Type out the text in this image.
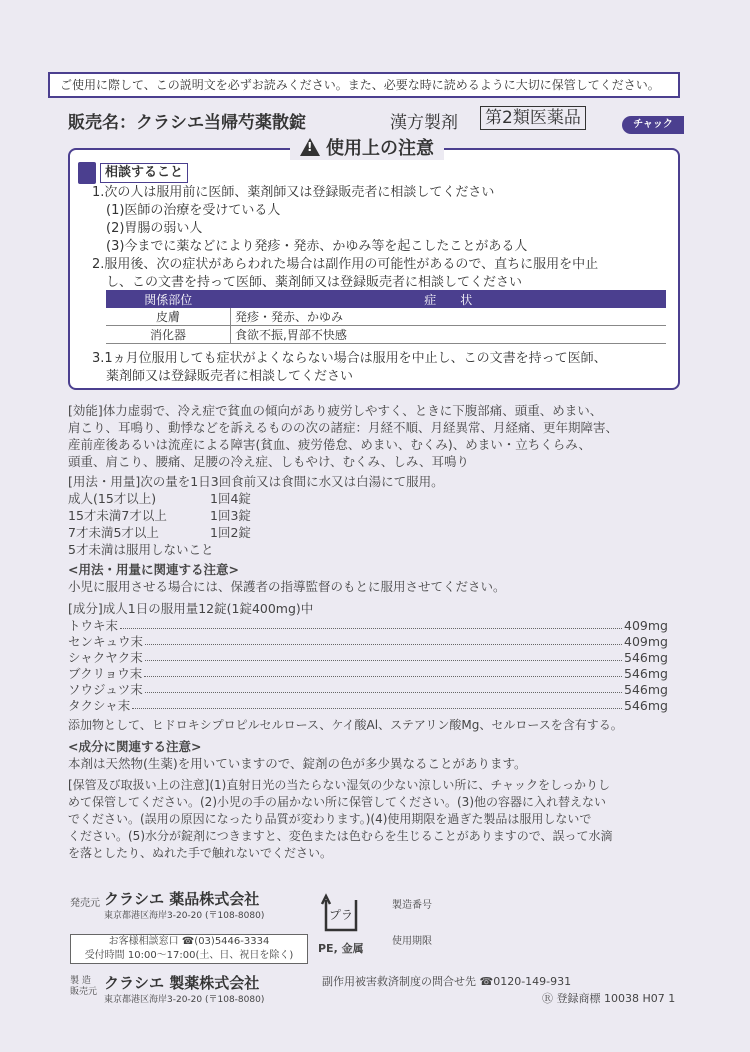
ご使用に際して、この説明文を必ずお読みください。また、必要な時に読めるように大切に保管してください。
販売名：クラシエ当帰芍薬散錠	漢方製剤 第2類医薬品	チャック
相談すること
1.次の人は服用前に医師、薬剤師又は登録販売者に相談してください
(1)医師の治療を受けている人
(2)胃腸の弱い人
(3)今までに薬などにより発疹・発赤、かゆみ等を起こしたことがある人
2.服用後、次の症状があらわれた場合は副作用の可能性があるので、直ちに服用を中止
し、この文書を持って医師、薬剤師又は登録販売者に相談してください
関係部位	症　　状
皮膚	発疹・発赤、かゆみ
消化器	食欲不振,胃部不快感
3.1ヵ月位服用しても症状がよくならない場合は服用を中止し、この文書を持って医師、
薬剤師又は登録販売者に相談してください
!
使用上の注意
[効能]体力虚弱で、冷え症で貧血の傾向があり疲労しやすく、ときに下腹部痛、頭重、めまい、
肩こり、耳鳴り、動悸などを訴えるものの次の諸症：月経不順、月経異常、月経痛、更年期障害、
産前産後あるいは流産による障害(貧血、疲労倦怠、めまい、むくみ)、めまい・立ちくらみ、
頭重、肩こり、腰痛、足腰の冷え症、しもやけ、むくみ、しみ、耳鳴り
[用法・用量]次の量を1日3回食前又は食間に水又は白湯にて服用。
成人(15才以上)	1回4錠
15才未満7才以上	1回3錠
7才未満5才以上	1回2錠
5才未満は服用しないこと
<用法・用量に関連する注意>
小児に服用させる場合には、保護者の指導監督のもとに服用させてください。
[成分]成人1日の服用量12錠(1錠400mg)中
トウキ末	409mg
センキュウ末	409mg
シャクヤク末	546mg
ブクリョウ末	546mg
ソウジュツ末	546mg
タクシャ末	546mg
添加物として、ヒドロキシプロピルセルロース、ケイ酸Al、ステアリン酸Mg、セルロースを含有する。
<成分に関連する注意>
本剤は天然物(生薬)を用いていますので、錠剤の色が多少異なることがあります。
[保管及び取扱い上の注意](1)直射日光の当たらない湿気の少ない涼しい所に、チャックをしっかりし
めて保管してください。(2)小児の手の届かない所に保管してください。(3)他の容器に入れ替えない
でください。(誤用の原因になったり品質が変わります。)(4)使用期限を過ぎた製品は服用しないで
ください。(5)水分が錠剤につきますと、変色または色むらを生じることがありますので、誤って水滴
を落としたり、ぬれた手で触れないでください。
発売元 クラシエ 薬品株式会社
東京都港区海岸3-20-20 (〒108-8080)
お客様相談窓口 ☎(03)5446-3334
受付時間 10:00〜17:00(土、日、祝日を除く)
製 造 販売元 クラシエ 製薬株式会社
東京都港区海岸3-20-20 (〒108-8080)
プラ
PE, 金属
製造番号
使用期限
副作用被害救済制度の問合せ先 ☎0120-149-931
Ⓡ 登録商標 10038 H07 1
